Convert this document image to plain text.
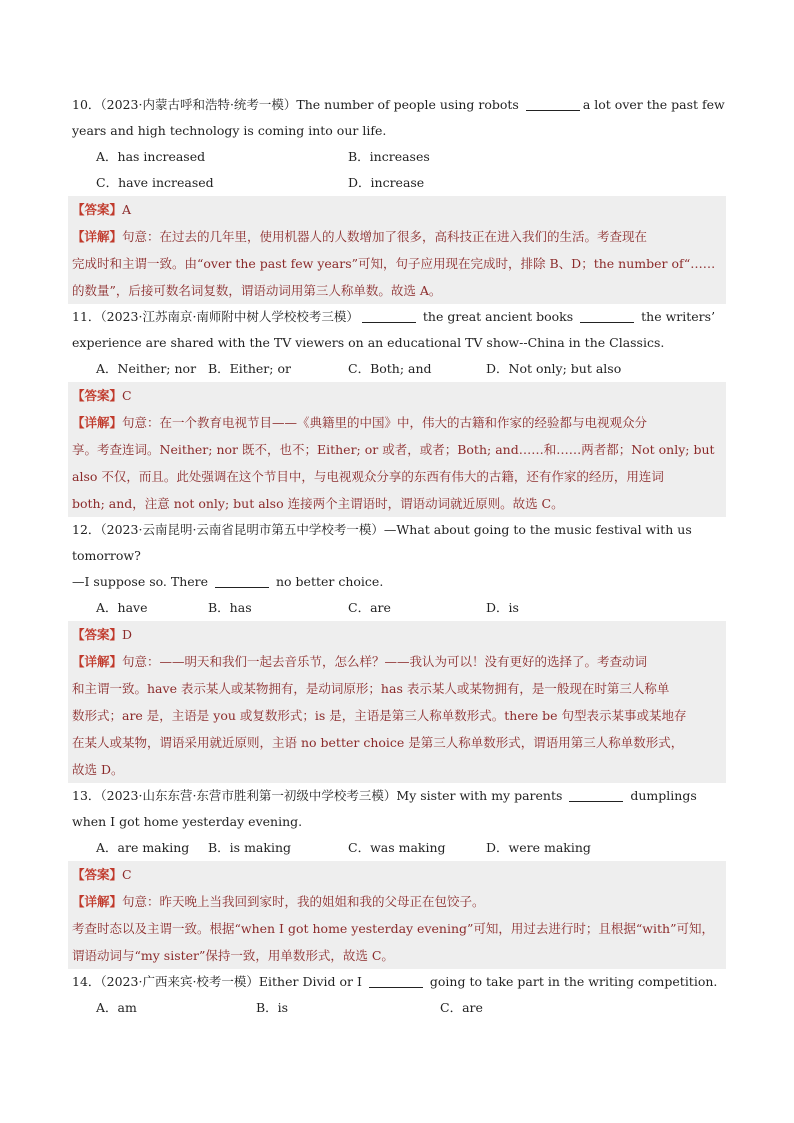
10．（2023·内蒙古呼和浩特·统考一模）The number of people using robots	a lot over the past few
years and high technology is coming into our life.
A．has increased	B．increases
C．have increased	D．increase

【答案】A

【详解】句意：在过去的几年里，使用机器人的人数增加了很多，高科技正在进入我们的生活。考查现在

完成时和主谓一致。由“over the past few years”可知，句子应用现在完成时，排除 B、D；the number of“……

的数量”，后接可数名词复数，谓语动词用第三人称单数。故选 A。

11．（2023·江苏南京·南师附中树人学校校考三模）	the great ancient books	the writers’
experience are shared with the TV viewers on an educational TV show--China in the Classics.
A．Neither; nor B．Either; or	C．Both; and	D．Not only; but also

【答案】C

【详解】句意：在一个教育电视节目——《典籍里的中国》中，伟大的古籍和作家的经验都与电视观众分

享。考查连词。Neither; nor 既不，也不；Either; or 或者，或者；Both; and……和……两者都；Not only; but

also 不仅，而且。此处强调在这个节目中，与电视观众分享的东西有伟大的古籍，还有作家的经历，用连词

both; and，注意 not only; but also 连接两个主谓语时，谓语动词就近原则。故选 C。

12．（2023·云南昆明·云南省昆明市第五中学校考一模）—What about going to the music festival with us
tomorrow?
—I suppose so. There	no better choice.
A．have	B．has	C．are	D．is

【答案】D

【详解】句意：——明天和我们一起去音乐节，怎么样？——我认为可以！没有更好的选择了。考查动词

和主谓一致。have 表示某人或某物拥有，是动词原形；has 表示某人或某物拥有，是一般现在时第三人称单

数形式；are 是，主语是 you 或复数形式；is 是，主语是第三人称单数形式。there be 句型表示某事或某地存

在某人或某物，谓语采用就近原则，主语 no better choice 是第三人称单数形式，谓语用第三人称单数形式，

故选 D。

13．（2023·山东东营·东营市胜利第一初级中学校考三模）My sister with my parents	dumplings
when I got home yesterday evening.
A．are making	B．is making	C．was making	D．were making

【答案】C

【详解】句意：昨天晚上当我回到家时，我的姐姐和我的父母正在包饺子。

考查时态以及主谓一致。根据“when I got home yesterday evening”可知，用过去进行时；且根据“with”可知，

谓语动词与“my sister”保持一致，用单数形式，故选 C。

14．（2023·广西来宾·校考一模）Either Divid or I	going to take part in the writing competition.
A．am	B．is	C．are
